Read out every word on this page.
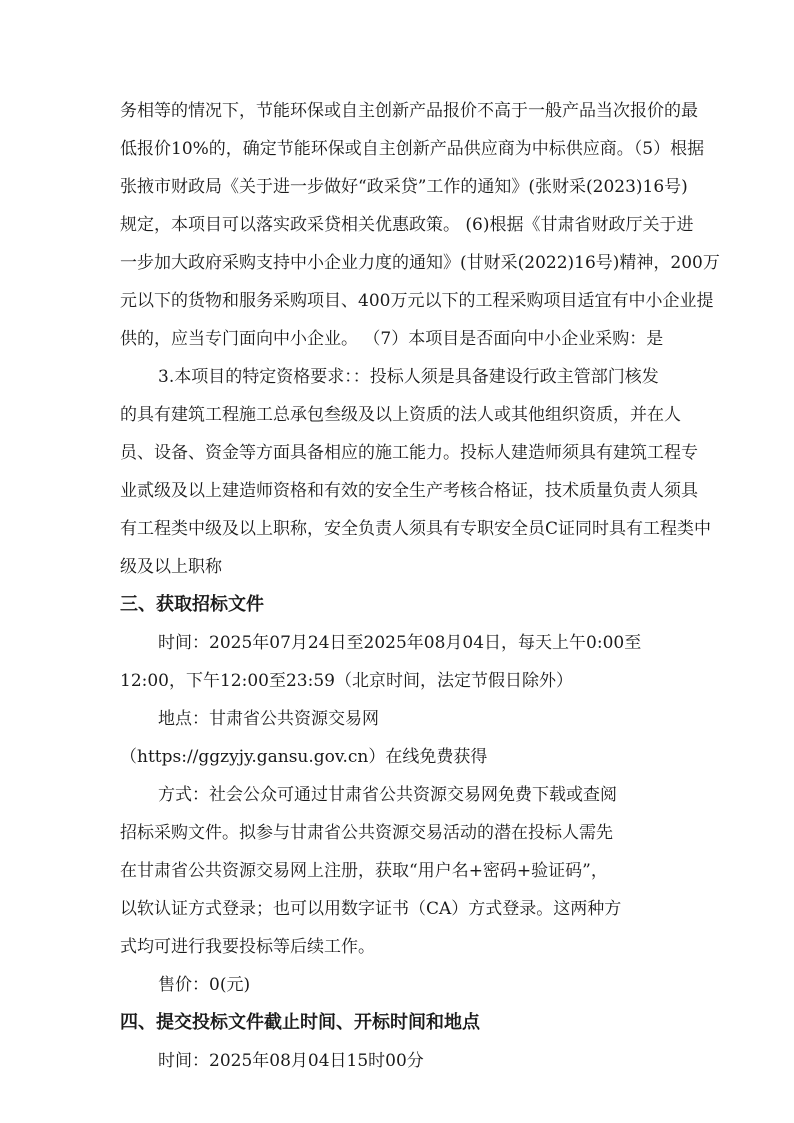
务相等的情况下，节能环保或自主创新产品报价不高于一般产品当次报价的最
低报价10%的，确定节能环保或自主创新产品供应商为中标供应商。（5）根据
张掖市财政局《关于进一步做好“政采贷”工作的通知》(张财采(2023)16号)
规定，本项目可以落实政采贷相关优惠政策。 (6)根据《甘肃省财政厅关于进
一步加大政府采购支持中小企业力度的通知》(甘财采(2022)16号)精神，200万
元以下的货物和服务采购项目、400万元以下的工程采购项目适宜有中小企业提
供的，应当专门面向中小企业。 （7）本项目是否面向中小企业采购：是
3.本项目的特定资格要求：：投标人须是具备建设行政主管部门核发
的具有建筑工程施工总承包叁级及以上资质的法人或其他组织资质，并在人
员、设备、资金等方面具备相应的施工能力。投标人建造师须具有建筑工程专
业贰级及以上建造师资格和有效的安全生产考核合格证，技术质量负责人须具
有工程类中级及以上职称，安全负责人须具有专职安全员C证同时具有工程类中
级及以上职称
三、获取招标文件
时间：2025年07月24日至2025年08月04日，每天上午0:00至
12:00，下午12:00至23:59（北京时间，法定节假日除外）
地点：甘肃省公共资源交易网
（https://ggzyjy.gansu.gov.cn）在线免费获得
方式：社会公众可通过甘肃省公共资源交易网免费下载或查阅
招标采购文件。拟参与甘肃省公共资源交易活动的潜在投标人需先
在甘肃省公共资源交易网上注册，获取“用户名+密码+验证码”，
以软认证方式登录；也可以用数字证书（CA）方式登录。这两种方
式均可进行我要投标等后续工作。
售价：0(元)
四、提交投标文件截止时间、开标时间和地点
时间：2025年08月04日15时00分
